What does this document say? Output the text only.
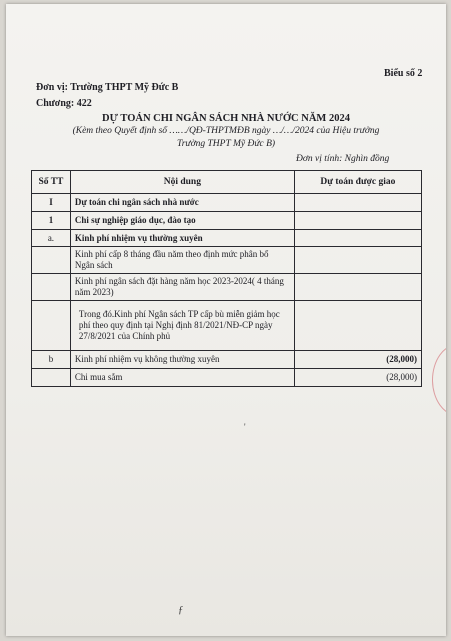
Biểu số 2
Đơn vị: Trường THPT Mỹ Đức B
Chương: 422
DỰ TOÁN CHI NGÂN SÁCH NHÀ NƯỚC NĂM 2024
(Kèm theo Quyết định số ……/QĐ-THPTMĐB ngày …/…/2024 của Hiệu trưởng
Trường THPT Mỹ Đức B)
Đơn vị tính: Nghìn đồng
Số TT	Nội dung	Dự toán được giao
I	Dự toán chi ngân sách nhà nước	
1	Chi sự nghiệp giáo dục, đào tạo	
a.	Kinh phí nhiệm vụ thường xuyên	
	Kinh phí cấp 8 tháng đầu năm theo định mức phân bổ Ngân sách	
	Kinh phí ngân sách đặt hàng năm học 2023-2024( 4 tháng năm 2023)	
	Trong đó.Kinh phí Ngân sách TP cấp bù miễn giảm học phí theo quy định tại Nghị định 81/2021/NĐ-CP ngày 27/8/2021 của Chính phủ	
b	Kinh phí nhiệm vụ không thường xuyên	(28,000)
	Chi mua sắm	(28,000)
'
ƒ
